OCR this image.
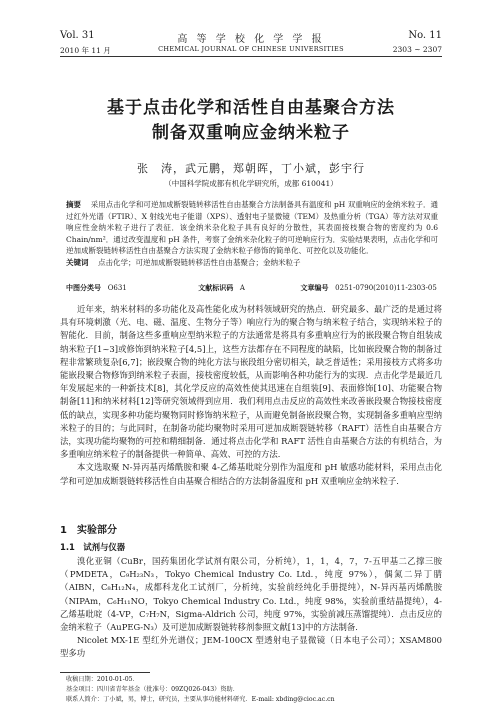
Vol. 31
2010 年 11 月
高 等 学 校 化 学 学 报
CHEMICAL JOURNAL OF CHINESE UNIVERSITIES
No. 11
2303 ~ 2307
基于点击化学和活性自由基聚合方法
制备双重响应金纳米粒子
张　涛，武元鹏，郑朝晖，丁小斌，彭宇行
（中国科学院成都有机化学研究所，成都 610041）
摘要 采用点击化学和可逆加成断裂链转移活性自由基聚合方法制备具有温度和 pH 双重响应的金纳米粒子．通过红外光谱（FTIR）、X 射线光电子能谱（XPS）、透射电子显微镜（TEM）及热重分析（TGA）等方法对双重响应性金纳米粒子进行了表征．该金纳米杂化粒子具有良好的分散性，其表面接枝聚合物的密度约为 0.6 Chain/nm²．通过改变温度和 pH 条件，考察了金纳米杂化粒子的可逆响应行为．实验结果表明，点击化学和可逆加成断裂链转移活性自由基聚合方法实现了金纳米粒子修饰的简单化、可控化以及功能化．
关键词 点击化学；可逆加成断裂链转移活性自由基聚合；金纳米粒子
中图分类号 O631	文献标识码 A	文章编号 0251-0790(2010)11-2303-05

近年来，纳米材料的多功能化及高性能化成为材料领域研究的热点．研究最多、最广泛的是通过将具有环境刺激（光、电、磁、温度、生物分子等）响应行为的聚合物与纳米粒子结合，实现纳米粒子的智能化．目前，制备这些多重响应型纳米粒子的方法通常是将具有多重响应行为的嵌段聚合物自组装成纳米粒子[1~3]或修饰到纳米粒子[4,5]上，这些方法都存在不同程度的缺陷，比如嵌段聚合物的制备过程非常繁琐复杂[6,7]；嵌段聚合物的纯化方法与嵌段组分密切相关，缺乏普适性；采用接枝方式将多功能嵌段聚合物修饰到纳米粒子表面，接枝密度较低，从而影响各种功能行为的实现．点击化学是最近几年发展起来的一种新技术[8]，其化学反应的高效性使其迅速在自组装[9]、表面修饰[10]、功能聚合物制备[11]和纳米材料[12]等研究领域得到应用．我们利用点击反应的高效性来改善嵌段聚合物接枝密度低的缺点，实现多种功能均聚物同时修饰纳米粒子，从而避免制备嵌段聚合物，实现制备多重响应型纳米粒子的目的；与此同时，在制备功能均聚物时采用可逆加成断裂链转移（RAFT）活性自由基聚合方法，实现功能均聚物的可控和精细制备．通过将点击化学和 RAFT 活性自由基聚合方法的有机结合，为多重响应纳米粒子的制备提供一种简单、高效、可控的方法．

本文选取聚 N-异丙基丙烯酰胺和聚 4-乙烯基吡啶分别作为温度和 pH 敏感功能材料，采用点击化学和可逆加成断裂链转移活性自由基聚合相结合的方法制备温度和 pH 双重响应金纳米粒子．

1　实验部分
1.1　试剂与仪器

溴化亚铜（CuBr，国药集团化学试剂有限公司，分析纯），1，1，4，7，7-五甲基二乙撑三胺（PMDETA，C₉H₂₃N₃，Tokyo Chemical Industry Co. Ltd.，纯度 97%），偶氮二异丁腈（AIBN，C₈H₁₂N₄，成都科龙化工试剂厂，分析纯，实验前经纯化手册提纯），N-异丙基丙烯酰胺（NIPAm，C₆H₁₁NO，Tokyo Chemical Industry Co. Ltd.，纯度 98%，实验前重结晶提纯），4-乙烯基吡啶（4-VP，C₇H₇N，Sigma-Aldrich 公司，纯度 97%，实验前减压蒸馏提纯）．点击反应的金纳米粒子（AuPEG-N₃）及可逆加成断裂链转移剂参照文献[13]中的方法制备．

Nicolet MX-1E 型红外光谱仪；JEM-100CX 型透射电子显微镜（日本电子公司）；XSAM800 型多功

收稿日期：2010-01-05．
基金项目：四川省青年基金（批准号：09ZQ026-043）资助．
联系人简介：丁小斌，男，博士，研究员，主要从事功能材料研究．E-mail: xbding@cioc.ac.cn
